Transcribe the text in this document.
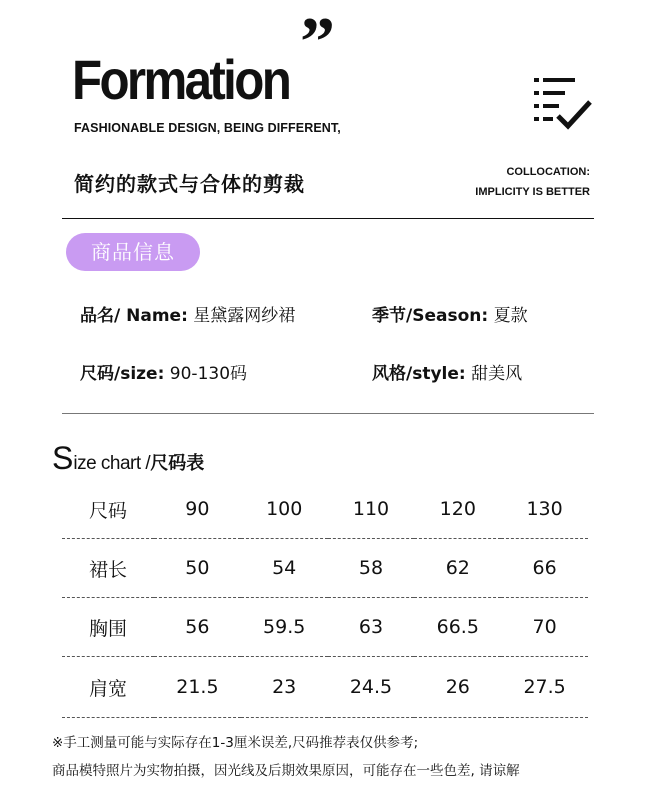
Formation ”
FASHIONABLE DESIGN, BEING DIFFERENT,
简约的款式与合体的剪裁	COLLOCATION:
IMPLICITY IS BETTER
商品信息
品名/ Name: 星黛露网纱裙	季节/Season: 夏款
尺码/size: 90-130码	风格/style: 甜美风
Size chart /尺码表
尺码	90	100	110	120	130
裙长	50	54	58	62	66
胸围	56	59.5	63	66.5	70
肩宽	21.5	23	24.5	26	27.5
※手工测量可能与实际存在1-3厘米误差,尺码推荐表仅供参考;
商品模特照片为实物拍摄，因光线及后期效果原因，可能存在一些色差, 请谅解
